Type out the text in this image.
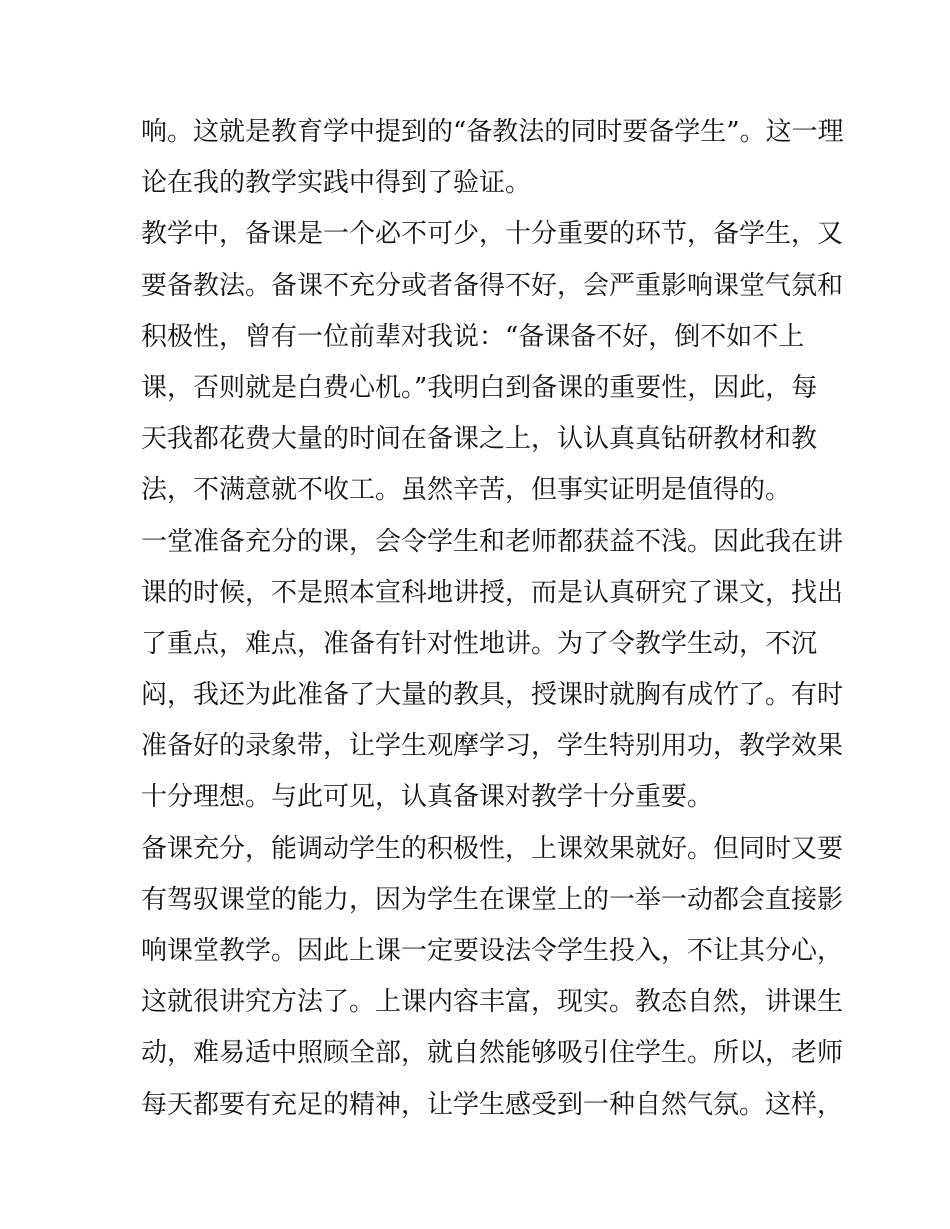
响。这就是教育学中提到的“备教法的同时要备学生”。这一理
论在我的教学实践中得到了验证。
教学中，备课是一个必不可少，十分重要的环节，备学生，又
要备教法。备课不充分或者备得不好，会严重影响课堂气氛和
积极性，曾有一位前辈对我说：“备课备不好，倒不如不上
课，否则就是白费心机。”我明白到备课的重要性，因此，每
天我都花费大量的时间在备课之上，认认真真钻研教材和教
法，不满意就不收工。虽然辛苦，但事实证明是值得的。
一堂准备充分的课，会令学生和老师都获益不浅。因此我在讲
课的时候，不是照本宣科地讲授，而是认真研究了课文，找出
了重点，难点，准备有针对性地讲。为了令教学生动，不沉
闷，我还为此准备了大量的教具，授课时就胸有成竹了。有时
准备好的录象带，让学生观摩学习，学生特别用功，教学效果
十分理想。与此可见，认真备课对教学十分重要。
备课充分，能调动学生的积极性，上课效果就好。但同时又要
有驾驭课堂的能力，因为学生在课堂上的一举一动都会直接影
响课堂教学。因此上课一定要设法令学生投入，不让其分心，
这就很讲究方法了。上课内容丰富，现实。教态自然，讲课生
动，难易适中照顾全部，就自然能够吸引住学生。所以，老师
每天都要有充足的精神，让学生感受到一种自然气氛。这样，
